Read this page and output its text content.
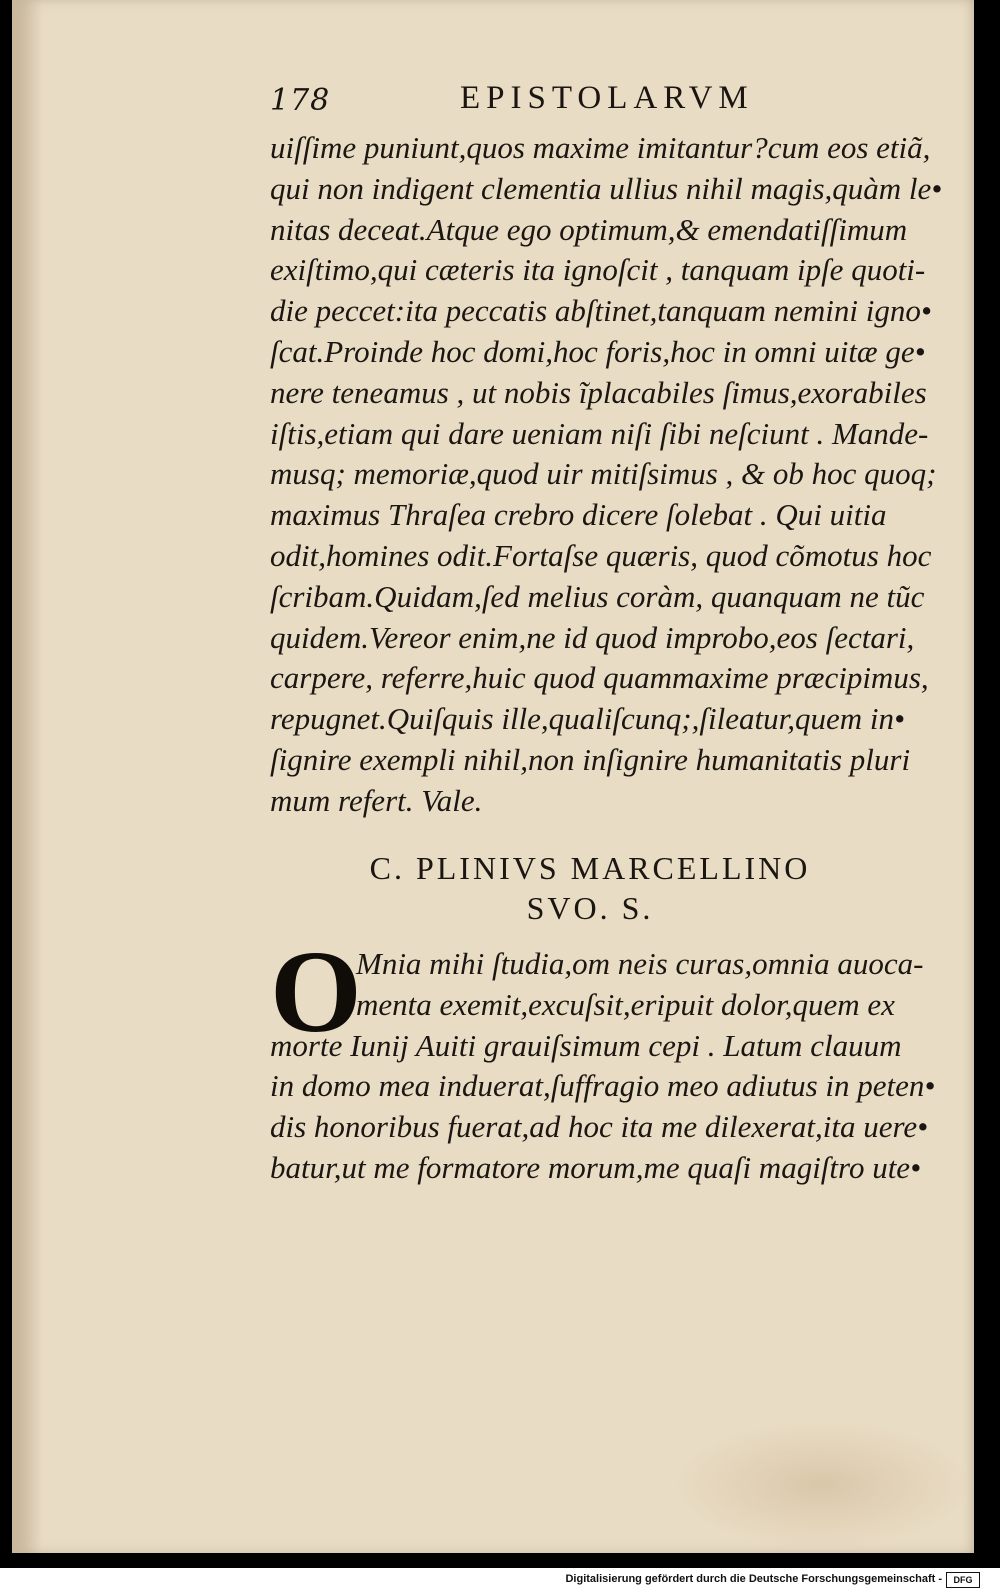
178	EPISTOLARVM
uiſſime puniunt,quos maxime imitantur?cum eos etiã,
qui non indigent clementia ullius nihil magis,quàm le•
nitas deceat.Atque ego optimum,& emendatiſſimum
exiſtimo,qui cæteris ita ignoſcit , tanquam ipſe quoti-
die peccet:ita peccatis abſtinet,tanquam nemini igno•
ſcat.Proinde hoc domi,hoc foris,hoc in omni uitæ ge•
nere teneamus , ut nobis ĩplacabiles ſimus,exorabiles
iſtis,etiam qui dare ueniam niſi ſibi neſciunt . Mande-
musq; memoriæ,quod uir mitiſsimus , & ob hoc quoq;
maximus Thraſea crebro dicere ſolebat . Qui uitia
odit,homines odit.Fortaſse quæris, quod cõmotus hoc
ſcribam.Quidam,ſed melius coràm, quanquam ne tũc
quidem.Vereor enim,ne id quod improbo,eos ſectari,
carpere, referre,huic quod quammaxime præcipimus,
repugnet.Quiſquis ille,qualiſcunq;,ſileatur,quem in•
ſignire exempli nihil,non inſignire humanitatis pluri
mum refert. Vale.
C. PLINIVS MARCELLINO
SVO. S.
O
Mnia mihi ſtudia,om neis curas,omnia auoca-
menta exemit,excuſsit,eripuit dolor,quem ex
morte Iunij Auiti grauiſsimum cepi . Latum clauum
in domo mea induerat,ſuffragio meo adiutus in peten•
dis honoribus fuerat,ad hoc ita me dilexerat,ita uere•
batur,ut me formatore morum,me quaſi magiſtro ute•
Digitalisierung gefördert durch die Deutsche Forschungsgemeinschaft -	DFG
